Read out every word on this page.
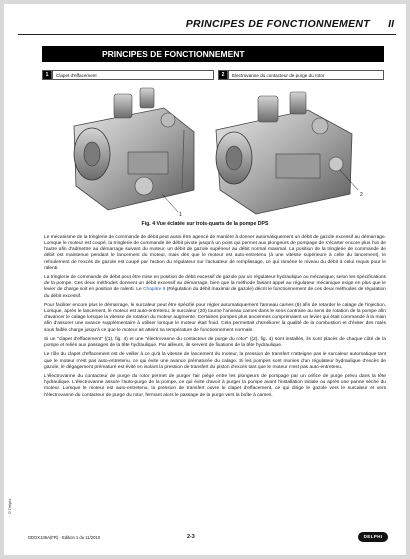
PRINCIPES DE FONCTIONNEMENT II
PRINCIPES DE FONCTIONNEMENT
1	Clapet d'effacement	2	Electrovanne du contacteur de purge du rotor
1
2
Fig. 4 Vue éclatée sur trois-quarts de la pompe DPS

Le mécanisme de la tringlerie de commande de débit peut aussi être agencé de manière à donner automatiquement un débit de gazole excessif au démarrage. Lorsque le moteur est coupé, la tringlerie de commande de débit pivote jusqu'à un point qui permet aux plongeurs de pompage de s'écarter encore plus l'un de l'autre afin d'admettre au démarrage suivant du moteur, un débit de gazole supérieur au débit normal maximal. La position de la tringlerie de commande de débit est maintenue pendant le lancement du moteur, mais dès que le moteur est auto-entretenu (à une vitesse supérieure à celle du lancement), le refoulement de l'excès de gazole est coupé par l'action du régulateur sur l'actuateur de remplissage, ce qui ramène le niveau du débit à celui requis pour le ralenti.

La tringlerie de commande de débit peut être mise en position de débit excessif de gazole par un régulateur hydraulique ou mécanique, selon les spécifications de la pompe. Ces deux méthodes donnent un débit excessif au démarrage, bien que la méthode faisant appel au régulateur mécanique exige en plus que le levier de charge soit en position de ralenti. Le Chapitre 6 (Régulation du débit maximal de gazole) décrit le fonctionnement de ces deux méthodes de régulation du débit excessif.

Pour faciliter encore plus le démarrage, le surcaleur peut être spécifié pour régler automatiquement l'anneau cames (9) afin de retarder le calage de l'injection. Lorsque, après le lancement, le moteur est auto-entretenu, le surcaleur (20) tourne l'anneau cames dans le sens contraire au sens de rotation de la pompe afin d'avancer le calage lorsque la vitesse de rotation du moteur augmente. Certaines pompes plus anciennes comprenaient un levier qui était commandé à la main afin d'assurer une avance supplémentaire à utiliser lorsque le moteur était froid. Cela permettait d'améliorer la qualité de la combustion et d'éviter des ratés sous faible charge jusqu'à ce que le moteur ait atteint sa température de fonctionnement normale.

Si un "clapet d'effacement" ((1), fig. 4) et une "électrovanne du contacteur de purge du rotor" ((2), fig. 4) sont installés, ils sont placés de chaque côté de la pompe et reliés aux passages de la tête hydraulique. Par ailleurs, ils servent de fixations de la tête hydraulique.

Le rôle du clapet d'effacement est de veiller à ce qu'à la vitesse de lancement du moteur, la pression de transfert n'atteigne pas le surcaleur automatique tant que le moteur n'est pas auto-entretenu, ce qui évite une avance prématurée du calage. Si les pompes sont munies d'un régulateur hydraulique d'excès de gazole, le dégagement prématuré est évité en isolant la pression de transfert du piston d'excès tant que le moteur n'est pas auto-entretenu.

L'électrovanne du contacteur de purge du rotor permet de purger l'air piégé entre les plongeurs de pompage par un orifice de purge prévu dans la tête hydraulique. L'électrovanne assure l'auto-purge de la pompe, ce qui évite d'avoir à purger la pompe avant l'installation initiale ou après une panne sèche du moteur. Lorsque le moteur est auto-entretenu, la pression de transfert ouvre le clapet d'effacement, ce qui dirige le gazole vers le surcaleur et vers l'électrovanne du contacteur de purge du rotor, fermant alors le passage de la purge vers la boîte à cames.

© Delphi
DDGX136A(FR) - Edition 1 du 11/2010	2-3	DELPHI
